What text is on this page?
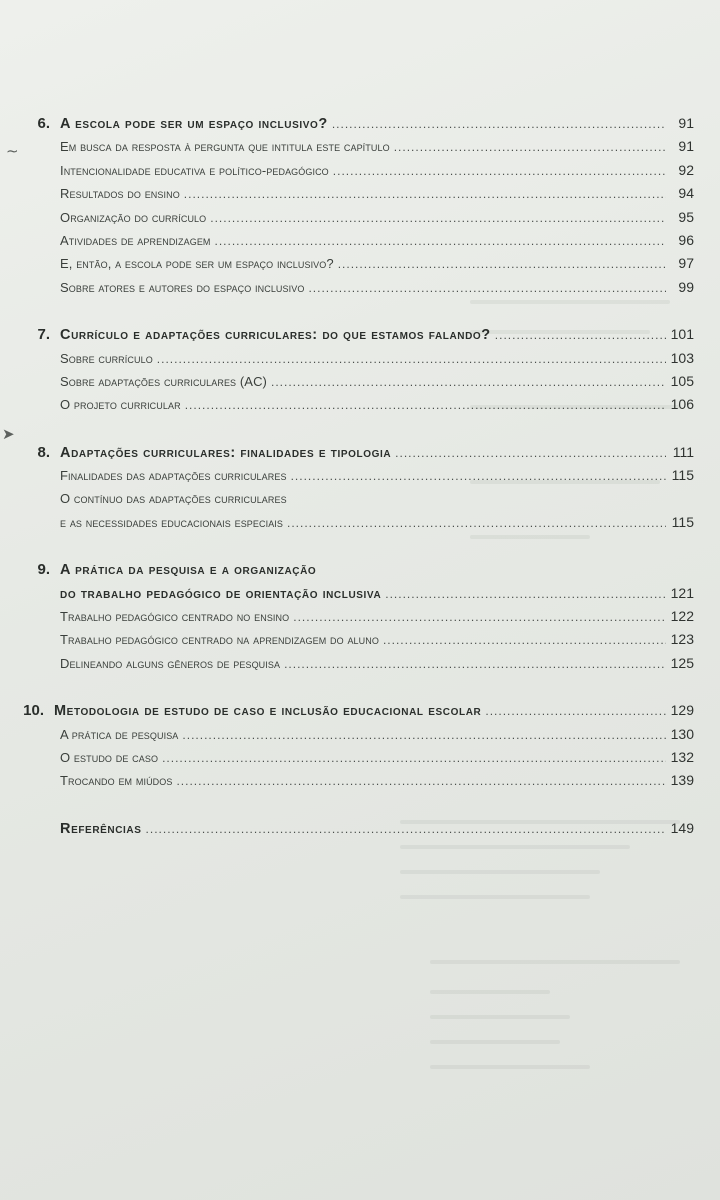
∼
➤
6. A escola pode ser um espaço inclusivo? .....	91
Em busca da resposta à pergunta que intitula este capítulo .....	91
Intencionalidade educativa e político-pedagógico .....	92
Resultados do ensino .....	94
Organização do currículo .....	95
Atividades de aprendizagem .....	96
E, então, a escola pode ser um espaço inclusivo? .....	97
Sobre atores e autores do espaço inclusivo .....	99
7. Currículo e adaptações curriculares: do que estamos falando? .....	101
Sobre currículo .....	103
Sobre adaptações curriculares (AC) .....	105
O projeto curricular .....	106
8. Adaptações curriculares: finalidades e tipologia .....	111
Finalidades das adaptações curriculares .....	115
O contínuo das adaptações curriculares
e as necessidades educacionais especiais .....	115
9. A prática da pesquisa e a organização
do trabalho pedagógico de orientação inclusiva .....	121
Trabalho pedagógico centrado no ensino .....	122
Trabalho pedagógico centrado na aprendizagem do aluno .....	123
Delineando alguns gêneros de pesquisa .....	125
10. Metodologia de estudo de caso e inclusão educacional escolar .....	129
A prática de pesquisa .....	130
O estudo de caso .....	132
Trocando em miúdos .....	139
Referências .....	149
